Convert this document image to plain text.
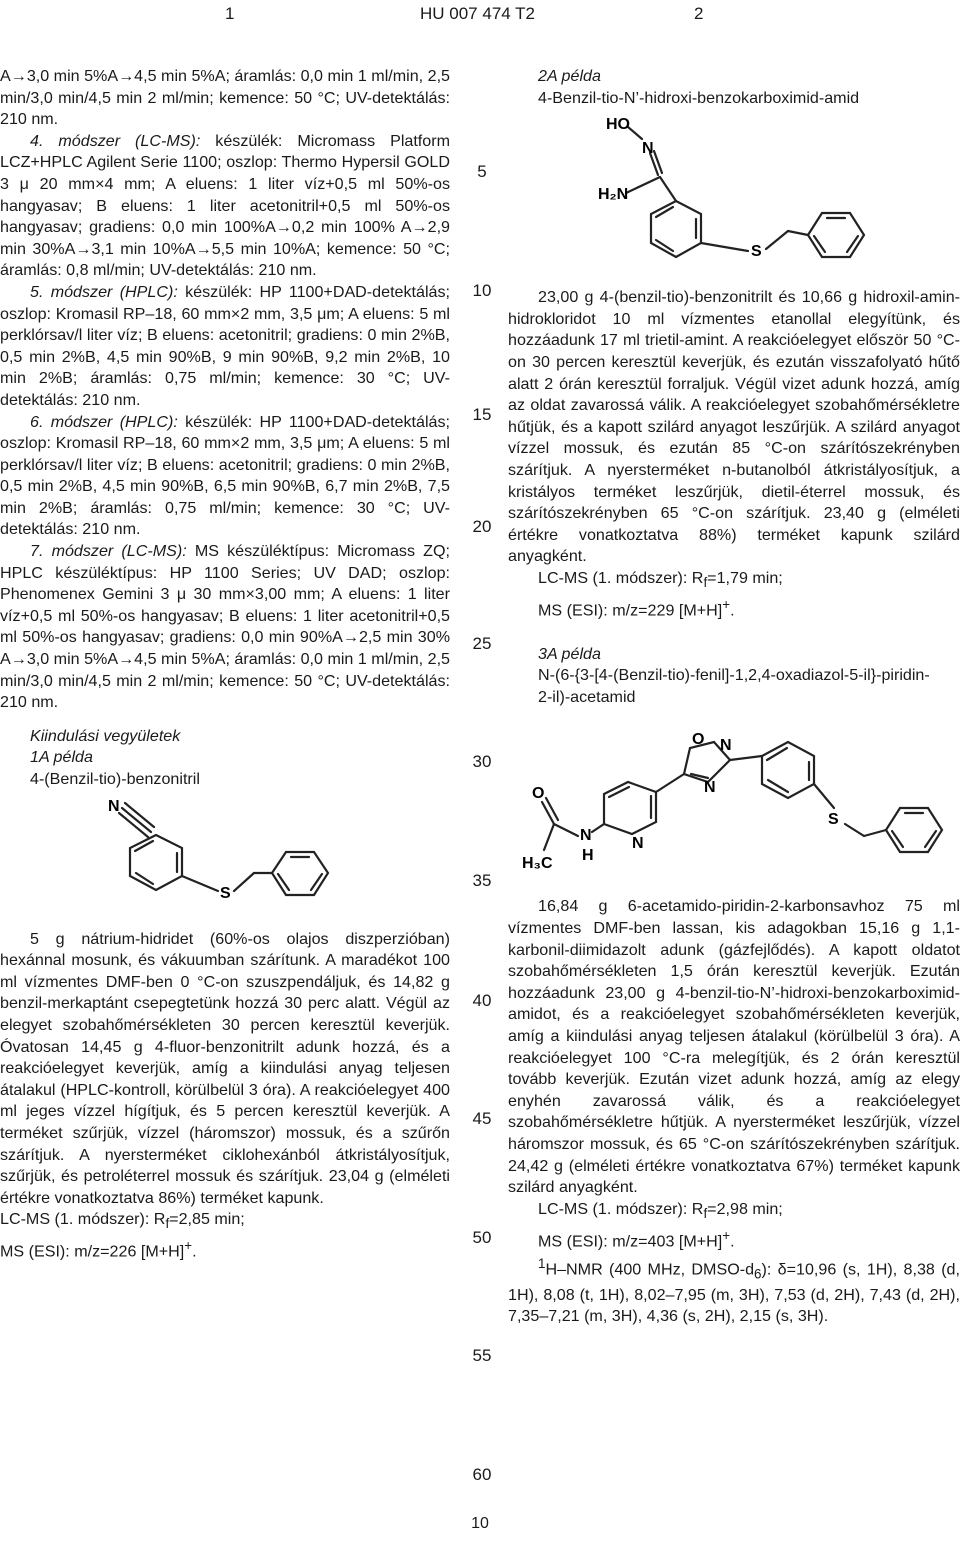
1	HU 007 474 T2	2

A→3,0 min 5%A→4,5 min 5%A; áramlás: 0,0 min 1 ml/min, 2,5 min/3,0 min/4,5 min 2 ml/min; kemence: 50 °C; UV-detektálás: 210 nm.

4. módszer (LC-MS): készülék: Micromass Platform LCZ+HPLC Agilent Serie 1100; oszlop: Thermo Hypersil GOLD 3 μ 20 mm×4 mm; A eluens: 1 liter víz+0,5 ml 50%-os hangyasav; B eluens: 1 liter acetonitril+0,5 ml 50%-os hangyasav; gradiens: 0,0 min 100%A→0,2 min 100% A→2,9 min 30%A→3,1 min 10%A→5,5 min 10%A; kemence: 50 °C; áramlás: 0,8 ml/min; UV-detektálás: 210 nm.

5. módszer (HPLC): készülék: HP 1100+DAD-detektálás; oszlop: Kromasil RP–18, 60 mm×2 mm, 3,5 μm; A eluens: 5 ml perklórsav/l liter víz; B eluens: acetonitril; gradiens: 0 min 2%B, 0,5 min 2%B, 4,5 min 90%B, 9 min 90%B, 9,2 min 2%B, 10 min 2%B; áramlás: 0,75 ml/min; kemence: 30 °C; UV-detektálás: 210 nm.

6. módszer (HPLC): készülék: HP 1100+DAD-detektálás; oszlop: Kromasil RP–18, 60 mm×2 mm, 3,5 μm; A eluens: 5 ml perklórsav/l liter víz; B eluens: acetonitril; gradiens: 0 min 2%B, 0,5 min 2%B, 4,5 min 90%B, 6,5 min 90%B, 6,7 min 2%B, 7,5 min 2%B; áramlás: 0,75 ml/min; kemence: 30 °C; UV-detektálás: 210 nm.

7. módszer (LC-MS): MS készüléktípus: Micromass ZQ; HPLC készüléktípus: HP 1100 Series; UV DAD; oszlop: Phenomenex Gemini 3 μ 30 mm×3,00 mm; A eluens: 1 liter víz+0,5 ml 50%-os hangyasav; B eluens: 1 liter acetonitril+0,5 ml 50%-os hangyasav; gradiens: 0,0 min 90%A→2,5 min 30% A→3,0 min 5%A→4,5 min 5%A; áramlás: 0,0 min 1 ml/min, 2,5 min/3,0 min/4,5 min 2 ml/min; kemence: 50 °C; UV-detektálás: 210 nm.

Kiindulási vegyületek

1A példa

4-(Benzil-tio)-benzonitril

N
S

5 g nátrium-hidridet (60%-os olajos diszperzióban) hexánnal mosunk, és vákuumban szárítunk. A maradékot 100 ml vízmentes DMF-ben 0 °C-on szuszpendáljuk, és 14,82 g benzil-merkaptánt csepegtetünk hozzá 30 perc alatt. Végül az elegyet szobahőmérsékleten 30 percen keresztül keverjük. Óvatosan 14,45 g 4-fluor-benzonitrilt adunk hozzá, és a reakcióelegyet keverjük, amíg a kiindulási anyag teljesen átalakul (HPLC-kontroll, körülbelül 3 óra). A reakcióelegyet 400 ml jeges vízzel hígítjuk, és 5 percen keresztül keverjük. A terméket szűrjük, vízzel (háromszor) mossuk, és a szűrőn szárítjuk. A nyersterméket ciklohexánból átkristályosítjuk, szűrjük, és petroléterrel mossuk és szárítjuk. 23,04 g (elméleti értékre vonatkoztatva 86%) terméket kapunk.

LC-MS (1. módszer): $R_f=2,85$ min;

MS (ESI): m/z=226 [M+H]+.

5
10
15
20
25
30
35
40
45
50
55
60

2A példa

4-Benzil-tio-N’-hidroxi-benzokarboximid-amid

HO
N
H₂N
S

23,00 g 4-(benzil-tio)-benzonitrilt és 10,66 g hidroxil-amin-hidrokloridot 10 ml vízmentes etanollal elegyítünk, és hozzáadunk 17 ml trietil-amint. A reakcióelegyet először 50 °C-on 30 percen keresztül keverjük, és ezután visszafolyató hűtő alatt 2 órán keresztül forraljuk. Végül vizet adunk hozzá, amíg az oldat zavarossá válik. A reakcióelegyet szobahőmérsékletre hűtjük, és a kapott szilárd anyagot leszűrjük. A szilárd anyagot vízzel mossuk, és ezután 85 °C-on szárítószekrényben szárítjuk. A nyersterméket n-butanolból átkristályosítjuk, a kristályos terméket leszűrjük, dietil-éterrel mossuk, és szárítószekrényben 65 °C-on szárítjuk. 23,40 g (elméleti értékre vonatkoztatva 88%) terméket kapunk szilárd anyagként.

LC-MS (1. módszer): $R_f=1,79$ min;

MS (ESI): m/z=229 [M+H]+.

3A példa

N-(6-{3-[4-(Benzil-tio)-fenil]-1,2,4-oxadiazol-5-il}-piridin-2-il)-acetamid

O N
N
N
N
H
O
H₃C
S

16,84 g 6-acetamido-piridin-2-karbonsavhoz 75 ml vízmentes DMF-ben lassan, kis adagokban 15,16 g 1,1-karbonil-diimidazolt adunk (gázfejlődés). A kapott oldatot szobahőmérsékleten 1,5 órán keresztül keverjük. Ezután hozzáadunk 23,00 g 4-benzil-tio-N’-hidroxi-benzokarboximid-amidot, és a reakcióelegyet szobahőmérsékleten keverjük, amíg a kiindulási anyag teljesen átalakul (körülbelül 3 óra). A reakcióelegyet 100 °C-ra melegítjük, és 2 órán keresztül tovább keverjük. Ezután vizet adunk hozzá, amíg az elegy enyhén zavarossá válik, és a reakcióelegyet szobahőmérsékletre hűtjük. A nyersterméket leszűrjük, vízzel háromszor mossuk, és 65 °C-on szárítószekrényben szárítjuk. 24,42 g (elméleti értékre vonatkoztatva 67%) terméket kapunk szilárd anyagként.

LC-MS (1. módszer): $R_f=2,98$ min;

MS (ESI): m/z=403 [M+H]+.

$^1$H–NMR (400 MHz, DMSO-$d_6$): δ=10,96 (s, 1H), 8,38 (d, 1H), 8,08 (t, 1H), 8,02–7,95 (m, 3H), 7,53 (d, 2H), 7,43 (d, 2H), 7,35–7,21 (m, 3H), 4,36 (s, 2H), 2,15 (s, 3H).

10
